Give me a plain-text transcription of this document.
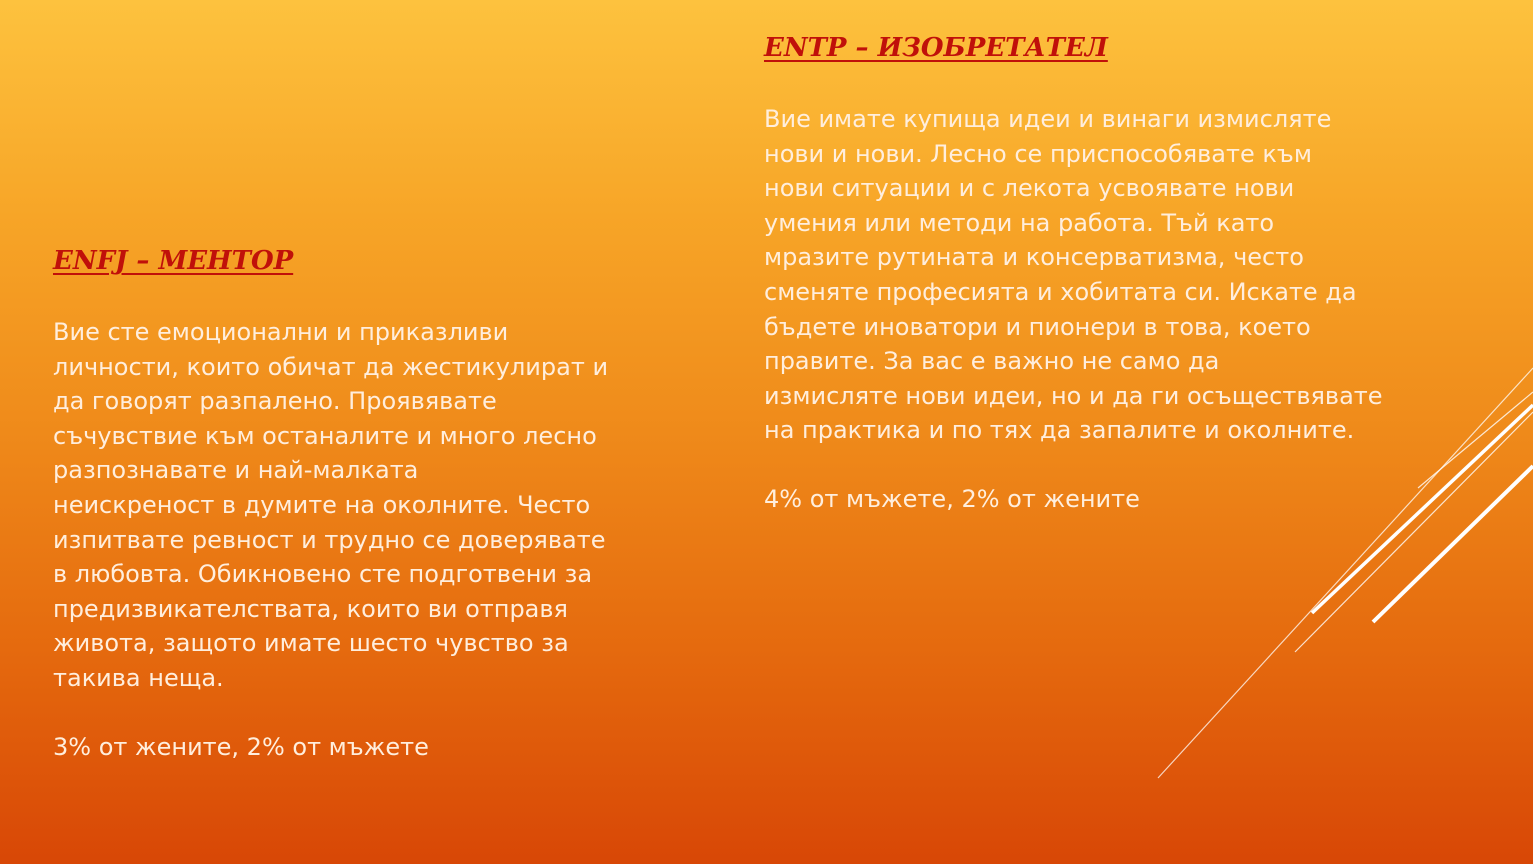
ENFJ – МЕНТОР

Вие сте емоционални и приказливи
личности, които обичат да жестикулират и
да говорят разпалено. Проявявате
съчувствие към останалите и много лесно
разпознавате и най-малката
неискреност в думите на околните. Често
изпитвате ревност и трудно се доверявате
в любовта. Обикновено сте подготвени за
предизвикателствата, които ви отправя
живота, защото имате шесто чувство за
такива неща.

3% от жените, 2% от мъжете

ENTP – ИЗОБРЕТАТЕЛ

Вие имате купища идеи и винаги измисляте
нови и нови. Лесно се приспособявате към
нови ситуации и с лекота усвоявате нови
умения или методи на работа. Тъй като
мразите рутината и консерватизма, често
сменяте професията и хобитата си. Искате да
бъдете иноватори и пионери в това, което
правите. За вас е важно не само да
измисляте нови идеи, но и да ги осъществявате
на практика и по тях да запалите и околните.

4% от мъжете, 2% от жените
